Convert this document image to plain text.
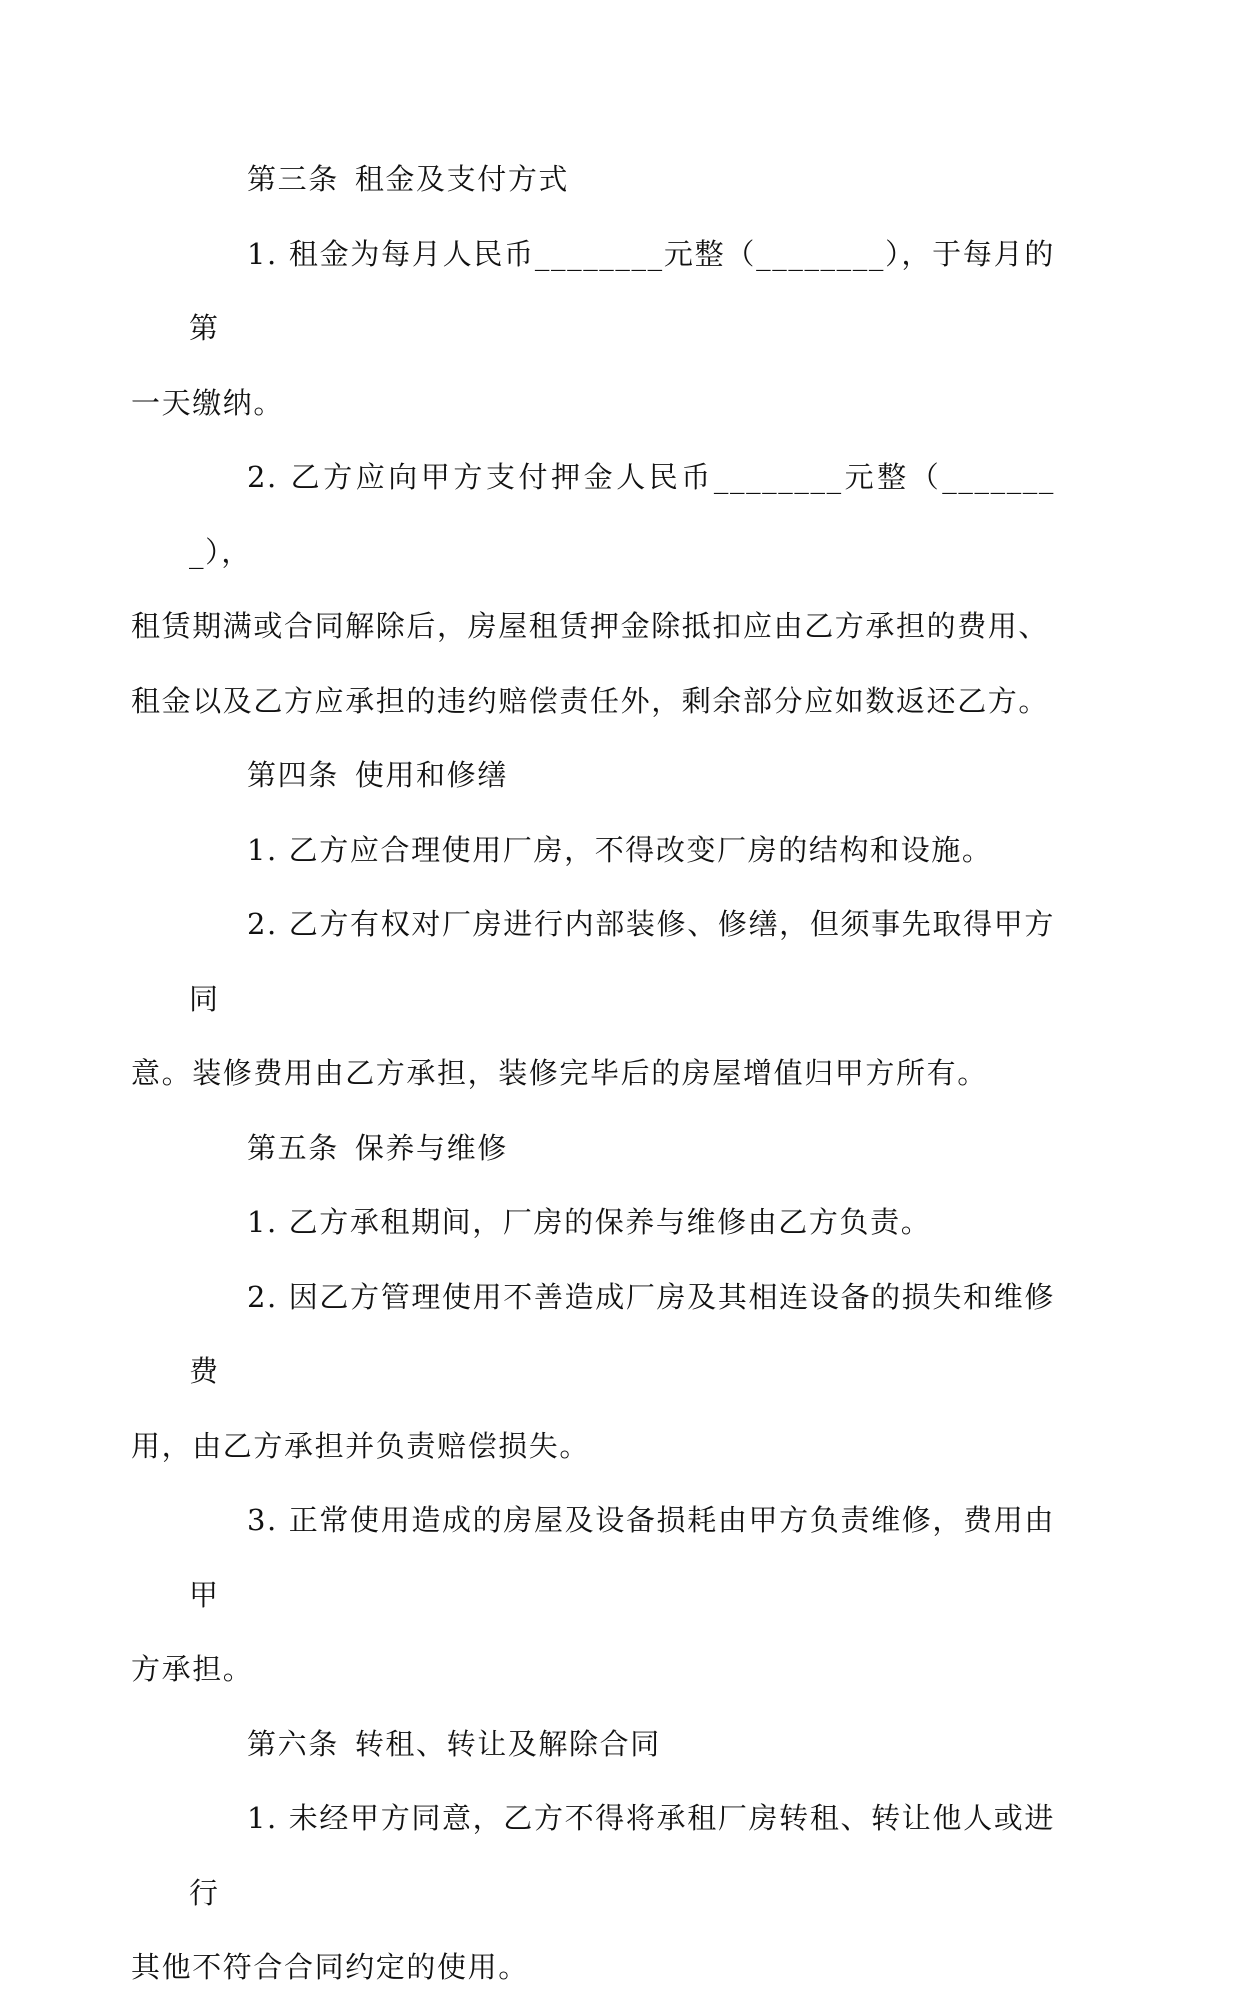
第三条 租金及支付方式

1. 租金为每月人民币________元整（________），于每月的第
一天缴纳。

2. 乙方应向甲方支付押金人民币________元整（________），
租赁期满或合同解除后，房屋租赁押金除抵扣应由乙方承担的费用、
租金以及乙方应承担的违约赔偿责任外，剩余部分应如数返还乙方。

第四条 使用和修缮

1. 乙方应合理使用厂房，不得改变厂房的结构和设施。

2. 乙方有权对厂房进行内部装修、修缮，但须事先取得甲方同
意。装修费用由乙方承担，装修完毕后的房屋增值归甲方所有。

第五条 保养与维修

1. 乙方承租期间，厂房的保养与维修由乙方负责。

2. 因乙方管理使用不善造成厂房及其相连设备的损失和维修费
用，由乙方承担并负责赔偿损失。

3. 正常使用造成的房屋及设备损耗由甲方负责维修，费用由甲
方承担。

第六条 转租、转让及解除合同

1. 未经甲方同意，乙方不得将承租厂房转租、转让他人或进行
其他不符合合同约定的使用。
